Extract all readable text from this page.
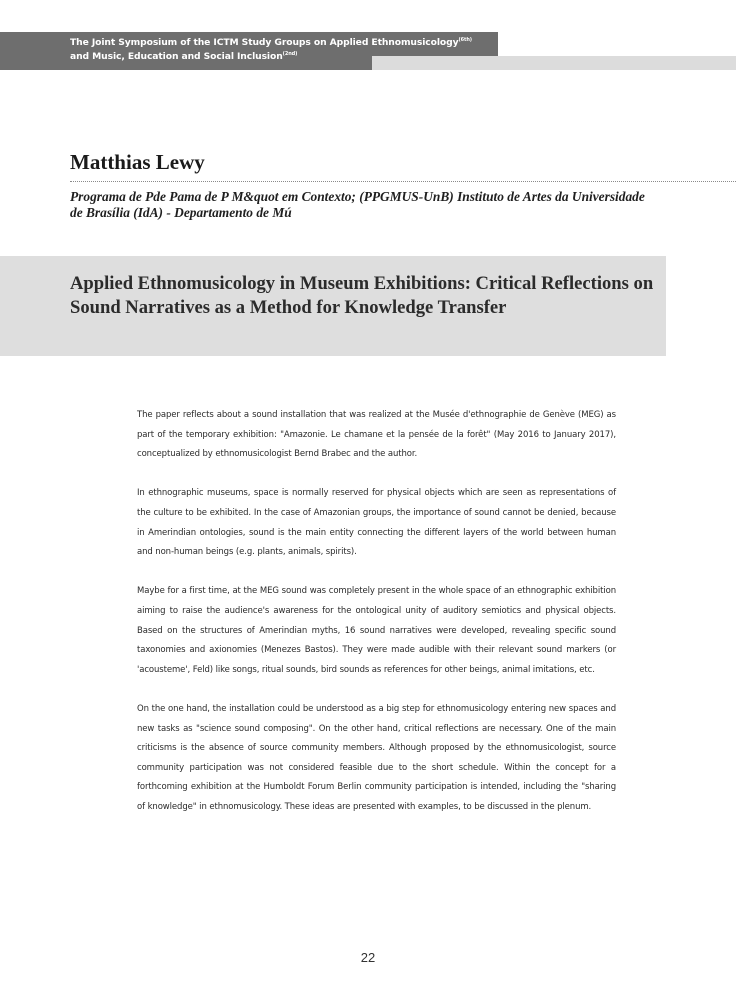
The Joint Symposium of the ICTM Study Groups on Applied Ethnomusicology$^{(6th)}$
and Music, Education and Social Inclusion$^{(2nd)}$
Matthias Lewy
Programa de Pde Pama de P M&quot em Contexto; (PPGMUS-UnB) Instituto de Artes da Universidade de Brasília (IdA) - Departamento de Mú
Applied Ethnomusicology in Museum Exhibitions: Critical Reflections on Sound Narratives as a Method for Knowledge Transfer

The paper reflects about a sound installation that was realized at the Musée d'ethnographie de Genève (MEG) as part of the temporary exhibition: "Amazonie. Le chamane et la pensée de la forêt" (May 2016 to January 2017), conceptualized by ethnomusicologist Bernd Brabec and the author.

In ethnographic museums, space is normally reserved for physical objects which are seen as representations of the culture to be exhibited. In the case of Amazonian groups, the importance of sound cannot be denied, because in Amerindian ontologies, sound is the main entity connecting the different layers of the world between human and non-human beings (e.g. plants, animals, spirits).

Maybe for a first time, at the MEG sound was completely present in the whole space of an ethnographic exhibition aiming to raise the audience's awareness for the ontological unity of auditory semiotics and physical objects. Based on the structures of Amerindian myths, 16 sound narratives were developed, revealing specific sound taxonomies and axionomies (Menezes Bastos). They were made audible with their relevant sound markers (or 'acousteme', Feld) like songs, ritual sounds, bird sounds as references for other beings, animal imitations, etc.

On the one hand, the installation could be understood as a big step for ethnomusicology entering new spaces and new tasks as "science sound composing". On the other hand, critical reflections are necessary. One of the main criticisms is the absence of source community members. Although proposed by the ethnomusicologist, source community participation was not considered feasible due to the short schedule. Within the concept for a forthcoming exhibition at the Humboldt Forum Berlin community participation is intended, including the "sharing of knowledge" in ethnomusicology. These ideas are presented with examples, to be discussed in the plenum.

22
